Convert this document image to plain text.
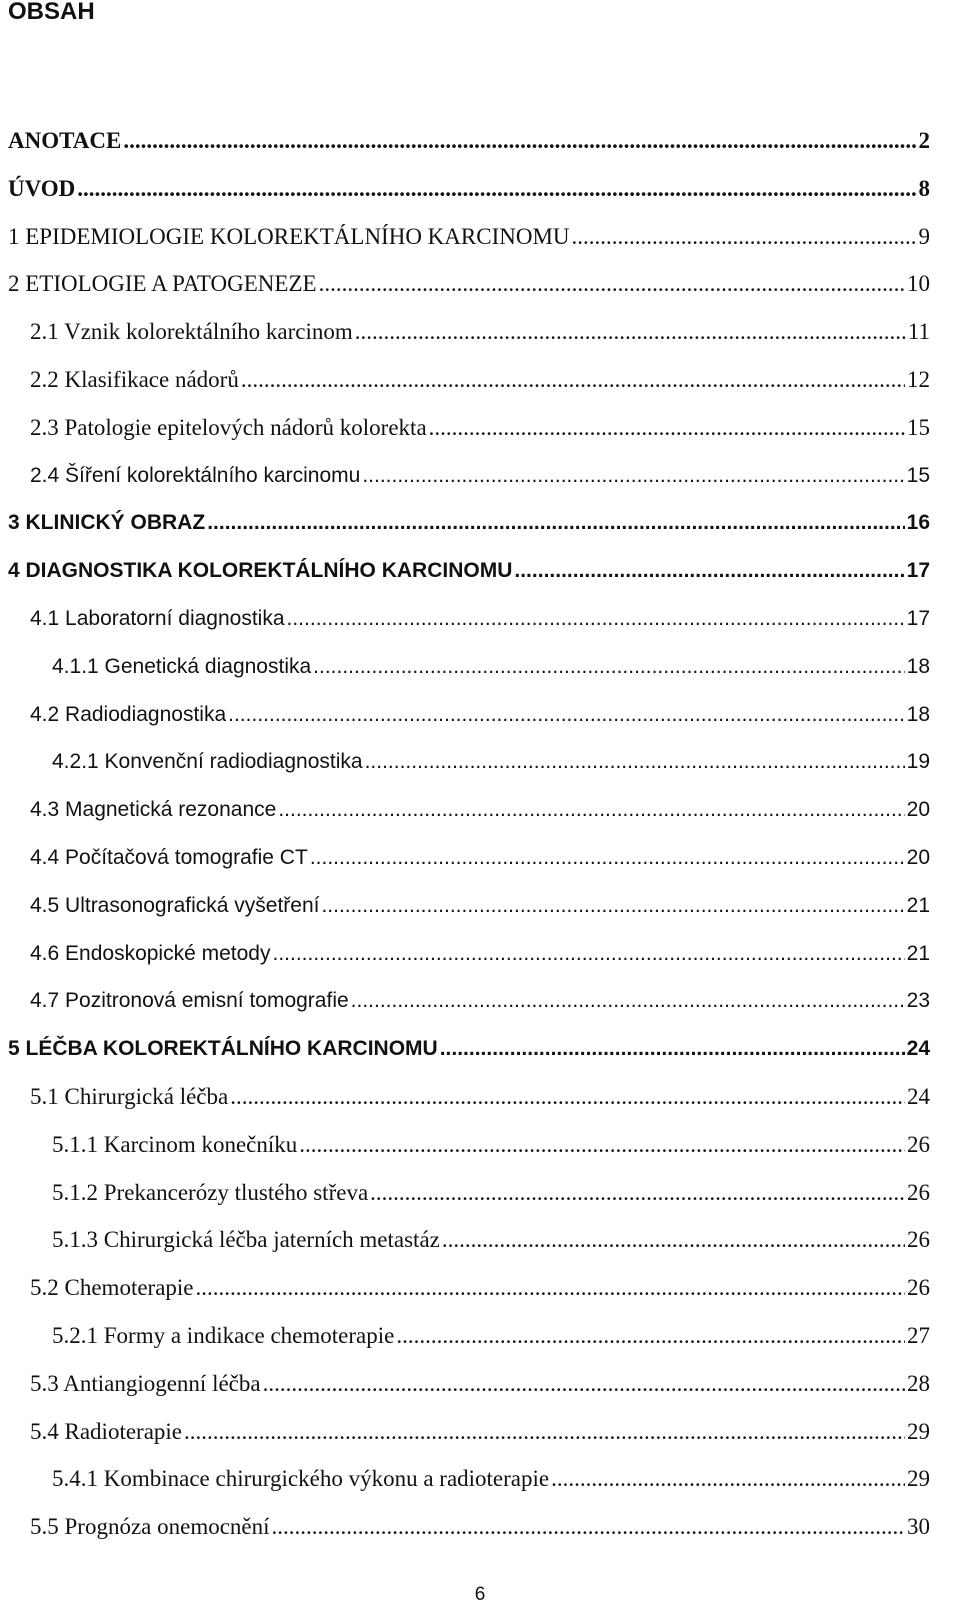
OBSAH
ANOTACE .....	2
ÚVOD .....	8
1 EPIDEMIOLOGIE KOLOREKTÁLNÍHO KARCINOMU .....	9
2 ETIOLOGIE A PATOGENEZE .....	10
2.1 Vznik kolorektálního karcinom .....	11
2.2 Klasifikace nádorů .....	12
2.3 Patologie epitelových nádorů kolorekta .....	15
2.4 Šíření kolorektálního karcinomu .....	15
3 KLINICKÝ OBRAZ .....	16
4 DIAGNOSTIKA KOLOREKTÁLNÍHO KARCINOMU .....	17
4.1 Laboratorní diagnostika .....	17
4.1.1 Genetická diagnostika .....	18
4.2 Radiodiagnostika .....	18
4.2.1 Konvenční radiodiagnostika .....	19
4.3 Magnetická rezonance .....	20
4.4 Počítačová tomografie CT .....	20
4.5 Ultrasonografická vyšetření .....	21
4.6 Endoskopické metody .....	21
4.7 Pozitronová emisní tomografie .....	23
5 LÉČBA KOLOREKTÁLNÍHO KARCINOMU .....	24
5.1 Chirurgická léčba .....	24
5.1.1 Karcinom konečníku .....	26
5.1.2 Prekancerózy tlustého střeva .....	26
5.1.3 Chirurgická léčba jaterních metastáz .....	26
5.2 Chemoterapie .....	26
5.2.1 Formy a indikace chemoterapie .....	27
5.3 Antiangiogenní léčba .....	28
5.4 Radioterapie .....	29
5.4.1 Kombinace chirurgického výkonu a radioterapie .....	29
5.5 Prognóza onemocnění .....	30
6
